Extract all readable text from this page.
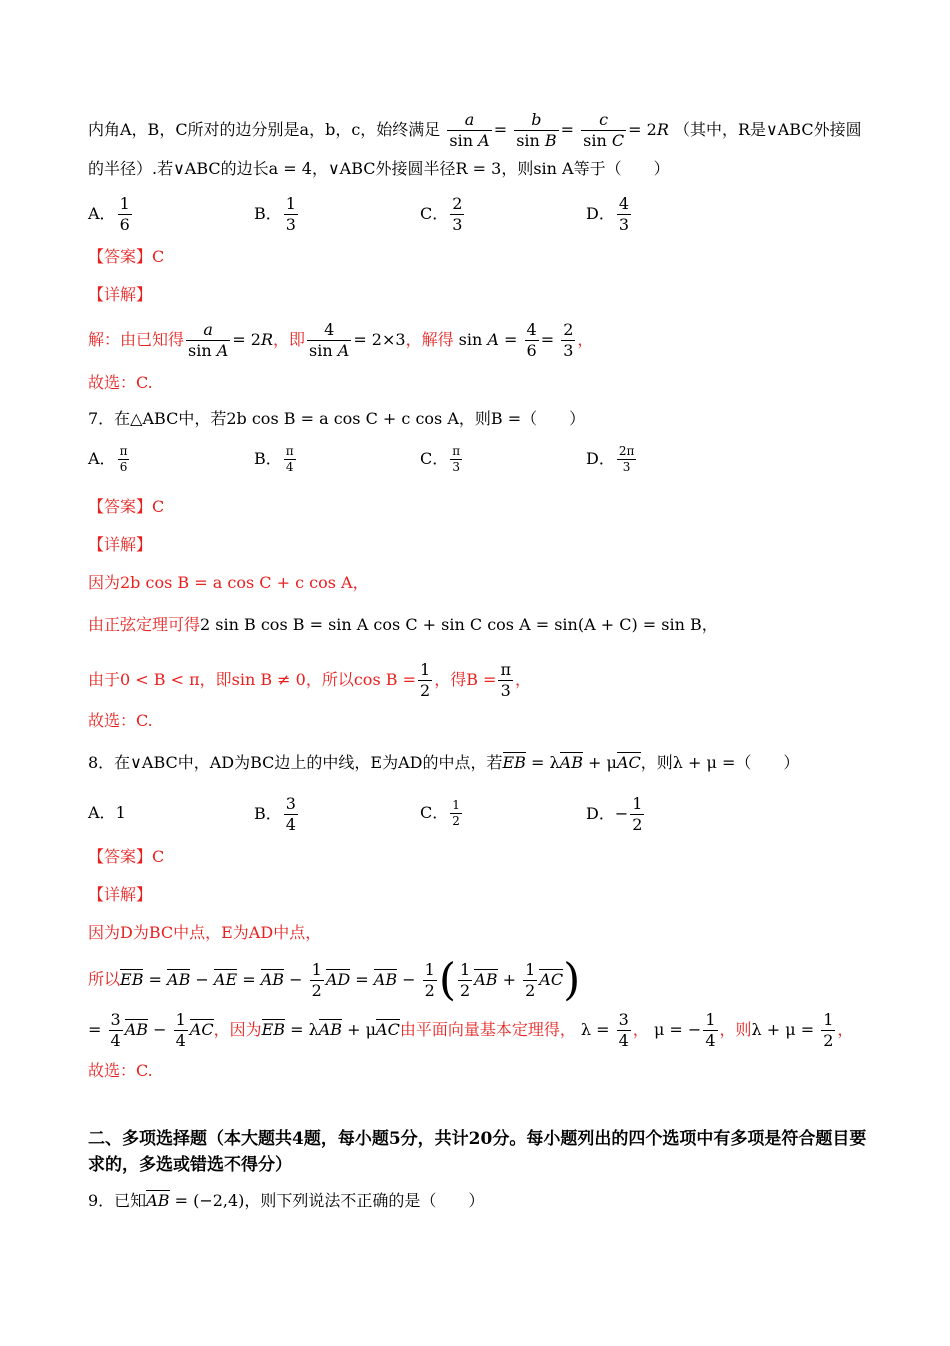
内角A，B，C所对的边分别是a，b，c，始终满足 $\frac{a}{\text{sin A}} = \frac{b}{\text{sin B}} = \frac{c}{\text{sin C}} = 2R$ （其中，R是∨ABC外接圆
的半径）.若∨ABC的边长a = 4，∨ABC外接圆半径R = 3，则sin A等于（　　）
A． $\frac{1}{6}$	B． $\frac{1}{3}$	C． $\frac{2}{3}$	D． $\frac{4}{3}$
【答案】C
【详解】
解：由已知得 $\frac{a}{\text{sin A}} = 2R$，即 $\frac{4}{\text{sin A}} = 2\times 3$，解得 $\sin A = \frac{4}{6} = \frac{2}{3}$ ，
故选：C.
7．在△ABC中，若2b cos B = a cos C + c cos A，则B =（　　）
A． $\frac{\pi}{6}$	B． $\frac{\pi}{4}$	C． $\frac{\pi}{3}$	D． $\frac{2\pi}{3}$
【答案】C
【详解】
因为2b cos B = a cos C + c cos A，
由正弦定理可得2 sin B cos B = sin A cos C + sin C cos A = sin(A + C) = sin B，
由于0 < B < π，即sin B ≠ 0，所以$\cos B = \frac{1}{2}$ ，得$B = \frac{\pi}{3}$ ，
故选：C.
8．在∨ABC中，AD为BC边上的中线，E为AD的中点，若EB = λAB + μAC，则λ + μ =（　　）
A．1	B． $\frac{3}{4}$	C． $\frac{1}{2}$	D．− $\frac{1}{2}$
【答案】C
【详解】
因为D为BC中点，E为AD中点，
所以EB = AB − AE = AB − $\frac{1}{2}$ AD = AB − $\frac{1}{2}$ ( $\frac{1}{2}$ AB + $\frac{1}{2} AC$)
= $\frac{3}{4}$ AB − $\frac{1}{4}$ AC，因为EB = λAB + μAC由平面向量基本定理得， $\lambda = \frac{3}{4}$ ， μ = − $\frac{1}{4}$ ，则$\lambda + \mu = \frac{1}{2}$ ，
故选：C.
二、多项选择题（本大题共4题，每小题5分，共计20分。每小题列出的四个选项中有多项是符合题目要求的，多选或错选不得分）
9．已知AB = (−2,4)，则下列说法不正确的是（　　）
